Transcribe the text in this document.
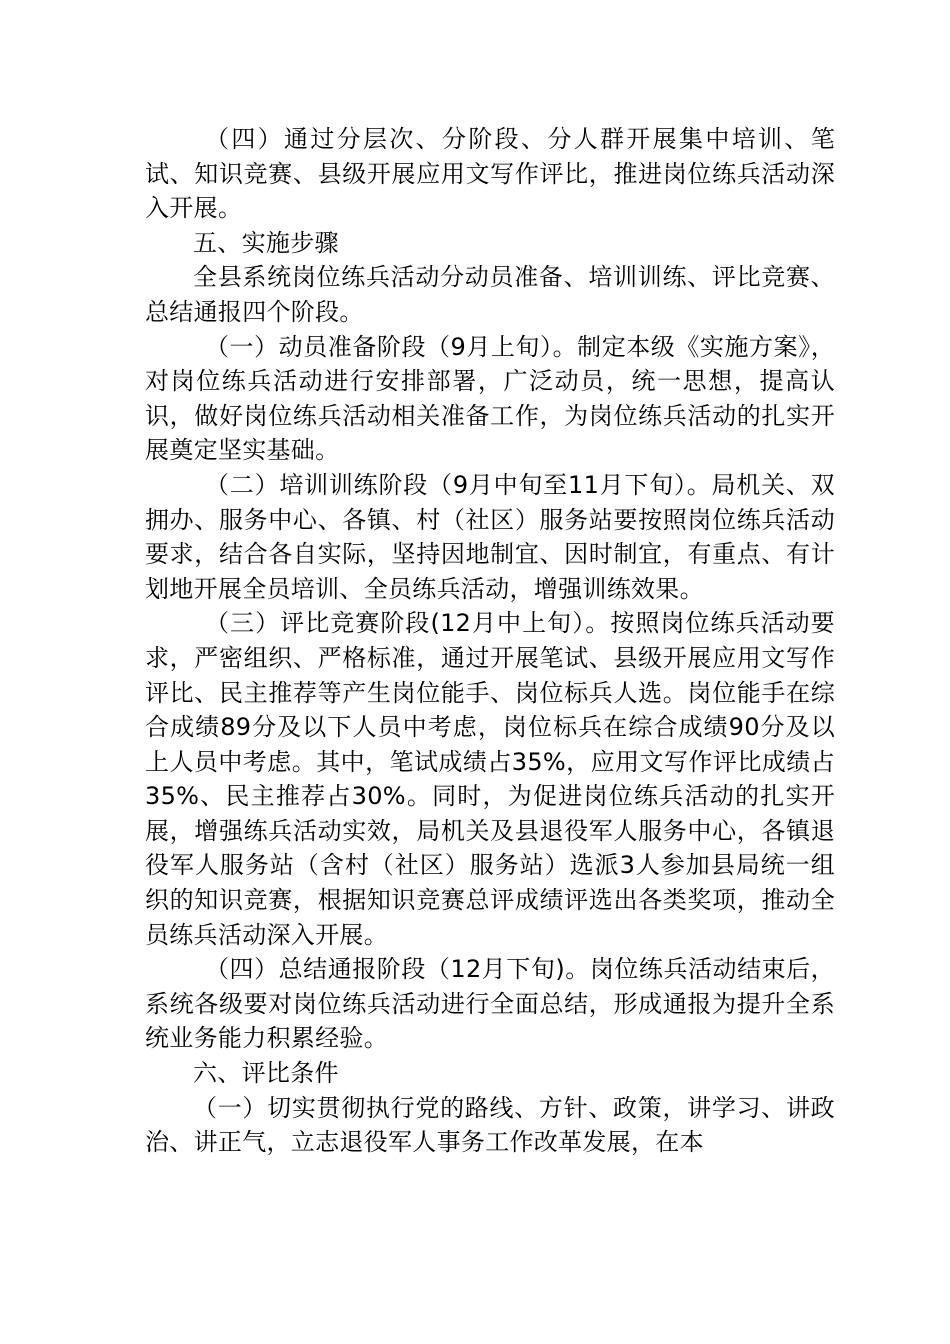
（四）通过分层次、分阶段、分人群开展集中培训、笔试、知识竞赛、县级开展应用文写作评比，推进岗位练兵活动深入开展。

五、实施步骤

全县系统岗位练兵活动分动员准备、培训训练、评比竞赛、总结通报四个阶段。

（一）动员准备阶段（9月上旬）。制定本级《实施方案》，对岗位练兵活动进行安排部署，广泛动员，统一思想，提高认识，做好岗位练兵活动相关准备工作，为岗位练兵活动的扎实开展奠定坚实基础。

（二）培训训练阶段（9月中旬至11月下旬）。局机关、双拥办、服务中心、各镇、村（社区）服务站要按照岗位练兵活动要求，结合各自实际，坚持因地制宜、因时制宜，有重点、有计划地开展全员培训、全员练兵活动，增强训练效果。

（三）评比竞赛阶段(12月中上旬）。按照岗位练兵活动要求，严密组织、严格标准，通过开展笔试、县级开展应用文写作评比、民主推荐等产生岗位能手、岗位标兵人选。岗位能手在综合成绩89分及以下人员中考虑，岗位标兵在综合成绩90分及以上人员中考虑。其中，笔试成绩占35%，应用文写作评比成绩占35%、民主推荐占30%。同时，为促进岗位练兵活动的扎实开展，增强练兵活动实效，局机关及县退役军人服务中心，各镇退役军人服务站（含村（社区）服务站）选派3人参加县局统一组织的知识竞赛，根据知识竞赛总评成绩评选出各类奖项，推动全员练兵活动深入开展。

（四）总结通报阶段（12月下旬)。岗位练兵活动结束后，系统各级要对岗位练兵活动进行全面总结，形成通报为提升全系统业务能力积累经验。

六、评比条件

（一）切实贯彻执行党的路线、方针、政策，讲学习、讲政治、讲正气，立志退役军人事务工作改革发展，在本
